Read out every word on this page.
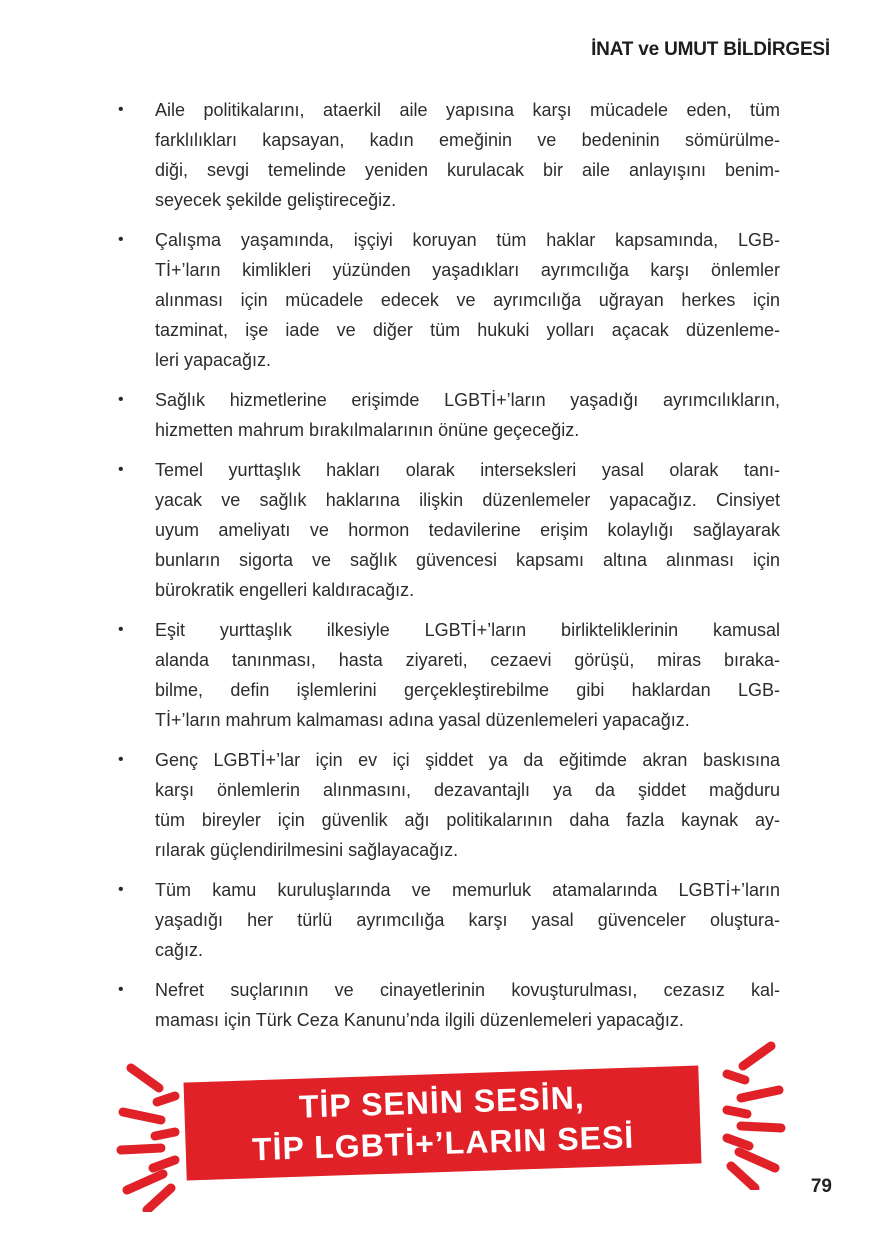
İNAT ve UMUT BİLDİRGESİ
•	Aile politikalarını, ataerkil aile yapısına karşı mücadele eden, tüm
farklılıkları kapsayan, kadın emeğinin ve bedeninin sömürülme-
diği, sevgi temelinde yeniden kurulacak bir aile anlayışını benim-
seyecek şekilde geliştireceğiz.
•	Çalışma yaşamında, işçiyi koruyan tüm haklar kapsamında, LGB-
Tİ+’ların kimlikleri yüzünden yaşadıkları ayrımcılığa karşı önlemler
alınması için mücadele edecek ve ayrımcılığa uğrayan herkes için
tazminat, işe iade ve diğer tüm hukuki yolları açacak düzenleme-
leri yapacağız.
•	Sağlık hizmetlerine erişimde LGBTİ+’ların yaşadığı ayrımcılıkların,
hizmetten mahrum bırakılmalarının önüne geçeceğiz.
•	Temel yurttaşlık hakları olarak interseksleri yasal olarak tanı-
yacak ve sağlık haklarına ilişkin düzenlemeler yapacağız. Cinsiyet
uyum ameliyatı ve hormon tedavilerine erişim kolaylığı sağlayarak
bunların sigorta ve sağlık güvencesi kapsamı altına alınması için
bürokratik engelleri kaldıracağız.
•	Eşit yurttaşlık ilkesiyle LGBTİ+’ların birlikteliklerinin kamusal
alanda tanınması, hasta ziyareti, cezaevi görüşü, miras bıraka-
bilme, defin işlemlerini gerçekleştirebilme gibi haklardan LGB-
Tİ+’ların mahrum kalmaması adına yasal düzenlemeleri yapacağız.
•	Genç LGBTİ+’lar için ev içi şiddet ya da eğitimde akran baskısına
karşı önlemlerin alınmasını, dezavantajlı ya da şiddet mağduru
tüm bireyler için güvenlik ağı politikalarının daha fazla kaynak ay-
rılarak güçlendirilmesini sağlayacağız.
•	Tüm kamu kuruluşlarında ve memurluk atamalarında LGBTİ+’ların
yaşadığı her türlü ayrımcılığa karşı yasal güvenceler oluştura-
cağız.
•	Nefret suçlarının ve cinayetlerinin kovuşturulması, cezasız kal-
maması için Türk Ceza Kanunu’nda ilgili düzenlemeleri yapacağız.
TİP SENİN SESİN,
TİP LGBTİ+’LARIN SESİ
79
